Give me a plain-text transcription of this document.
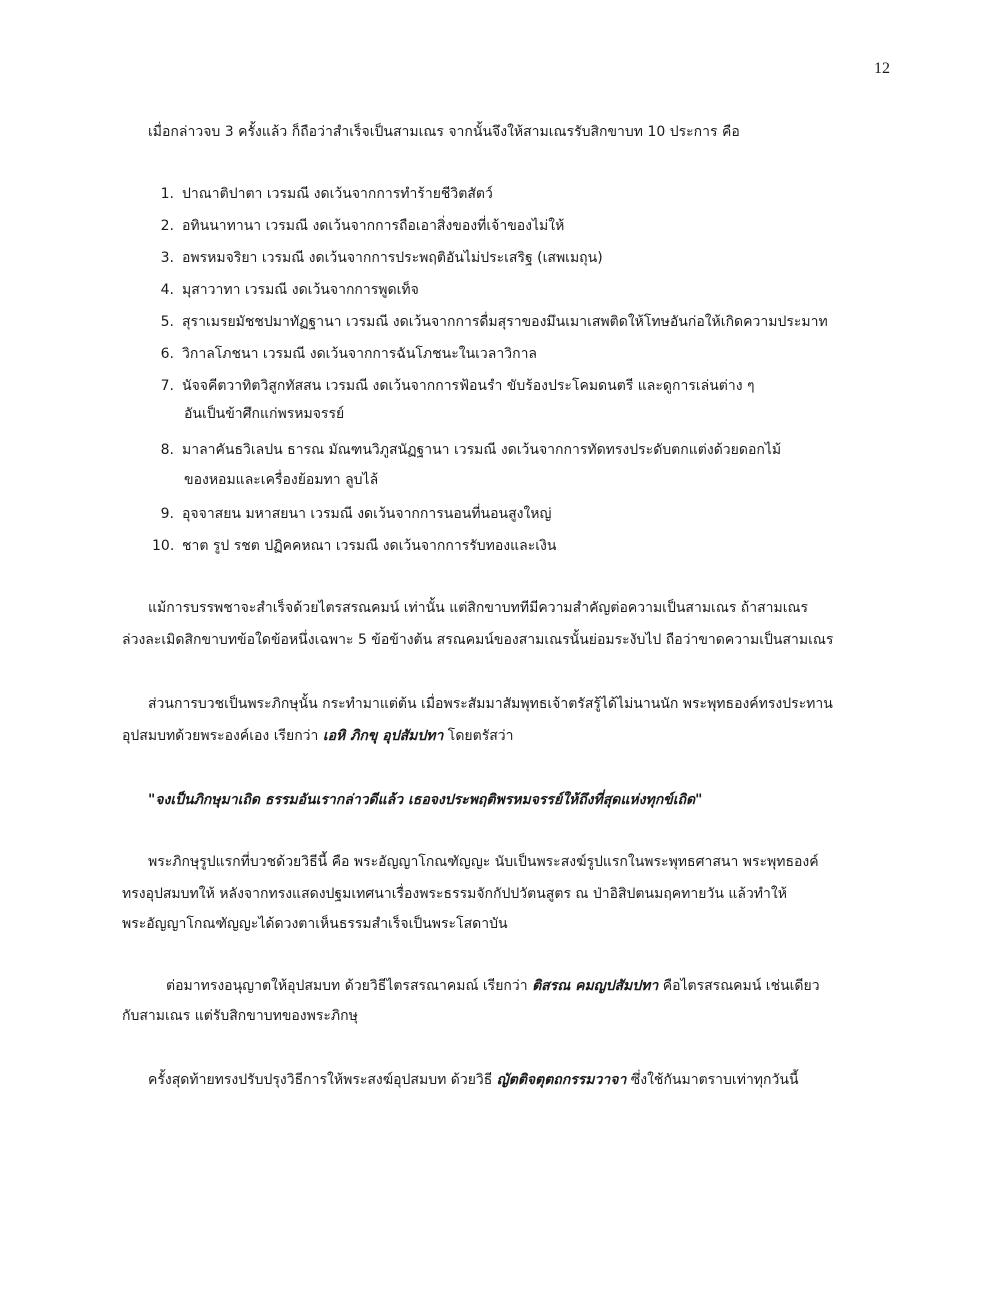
12
เมื่อกล่าวจบ 3 ครั้งแล้ว ก็ถือว่าสำเร็จเป็นสามเณร จากนั้นจึงให้สามเณรรับสิกขาบท 10 ประการ คือ
1. ปาณาติปาตา เวรมณี งดเว้นจากการทำร้ายชีวิตสัตว์
2. อทินนาทานา เวรมณี งดเว้นจากการถือเอาสิ่งของที่เจ้าของไม่ให้
3. อพรหมจริยา เวรมณี งดเว้นจากการประพฤติอันไม่ประเสริฐ (เสพเมถุน)
4. มุสาวาทา เวรมณี งดเว้นจากการพูดเท็จ
5. สุราเมรยมัชชปมาทัฏฐานา เวรมณี งดเว้นจากการดื่มสุราของมึนเมาเสพติดให้โทษอันก่อให้เกิดความประมาท
6. วิกาลโภชนา เวรมณี งดเว้นจากการฉันโภชนะในเวลาวิกาล
7. นัจจคีตวาทิตวิสูกทัสสน เวรมณี งดเว้นจากการฟ้อนรำ ขับร้องประโคมดนตรี และดูการเล่นต่าง ๆ
อันเป็นข้าศึกแก่พรหมจรรย์
8. มาลาคันธวิเลปน ธารณ มัณฑนวิภูสนัฏฐานา เวรมณี งดเว้นจากการทัดทรงประดับตกแต่งด้วยดอกไม้
ของหอมและเครื่องย้อมทา ลูบไล้
9. อุจจาสยน มหาสยนา เวรมณี งดเว้นจากการนอนที่นอนสูงใหญ่
10. ชาต รูป รชต ปฏิคคหณา เวรมณี งดเว้นจากการรับทองและเงิน
แม้การบรรพชาจะสำเร็จด้วยไตรสรณคมน์ เท่านั้น แต่สิกขาบททีมีความสำคัญต่อความเป็นสามเณร ถ้าสามเณร
ล่วงละเมิดสิกขาบทข้อใดข้อหนึ่งเฉพาะ 5 ข้อข้างต้น สรณคมน์ของสามเณรนั้นย่อมระงับไป ถือว่าขาดความเป็นสามเณร
ส่วนการบวชเป็นพระภิกษุนั้น กระทำมาแต่ต้น เมื่อพระสัมมาสัมพุทธเจ้าตรัสรู้ได้ไม่นานนัก พระพุทธองค์ทรงประทาน
อุปสมบทด้วยพระองค์เอง เรียกว่า เอหิ ภิกขุ อุปสัมปทา โดยตรัสว่า
"จงเป็นภิกษุมาเถิด ธรรมอันเรากล่าวดีแล้ว เธอจงประพฤติพรหมจรรย์ให้ถึงที่สุดแห่งทุกข์เถิด"
พระภิกษุรูปแรกที่บวชด้วยวิธีนี้ คือ พระอัญญาโกณฑัญญะ นับเป็นพระสงฆ์รูปแรกในพระพุทธศาสนา พระพุทธองค์
ทรงอุปสมบทให้ หลังจากทรงแสดงปฐมเทศนาเรื่องพระธรรมจักกัปปวัตนสูตร ณ ป่าอิสิปตนมฤคทายวัน แล้วทำให้
พระอัญญาโกณฑัญญะได้ดวงตาเห็นธรรมสำเร็จเป็นพระโสดาบัน
ต่อมาทรงอนุญาตให้อุปสมบท ด้วยวิธีไตรสรณาคมณ์ เรียกว่า ติสรณ คมญปสัมปทา คือไตรสรณคมน์ เช่นเดียว
กับสามเณร แต่รับสิกขาบทของพระภิกษุ
ครั้งสุดท้ายทรงปรับปรุงวิธีการให้พระสงฆ์อุปสมบท ด้วยวิธี ญัตติจตุตถกรรมวาจา ซึ่งใช้กันมาตราบเท่าทุกวันนี้
